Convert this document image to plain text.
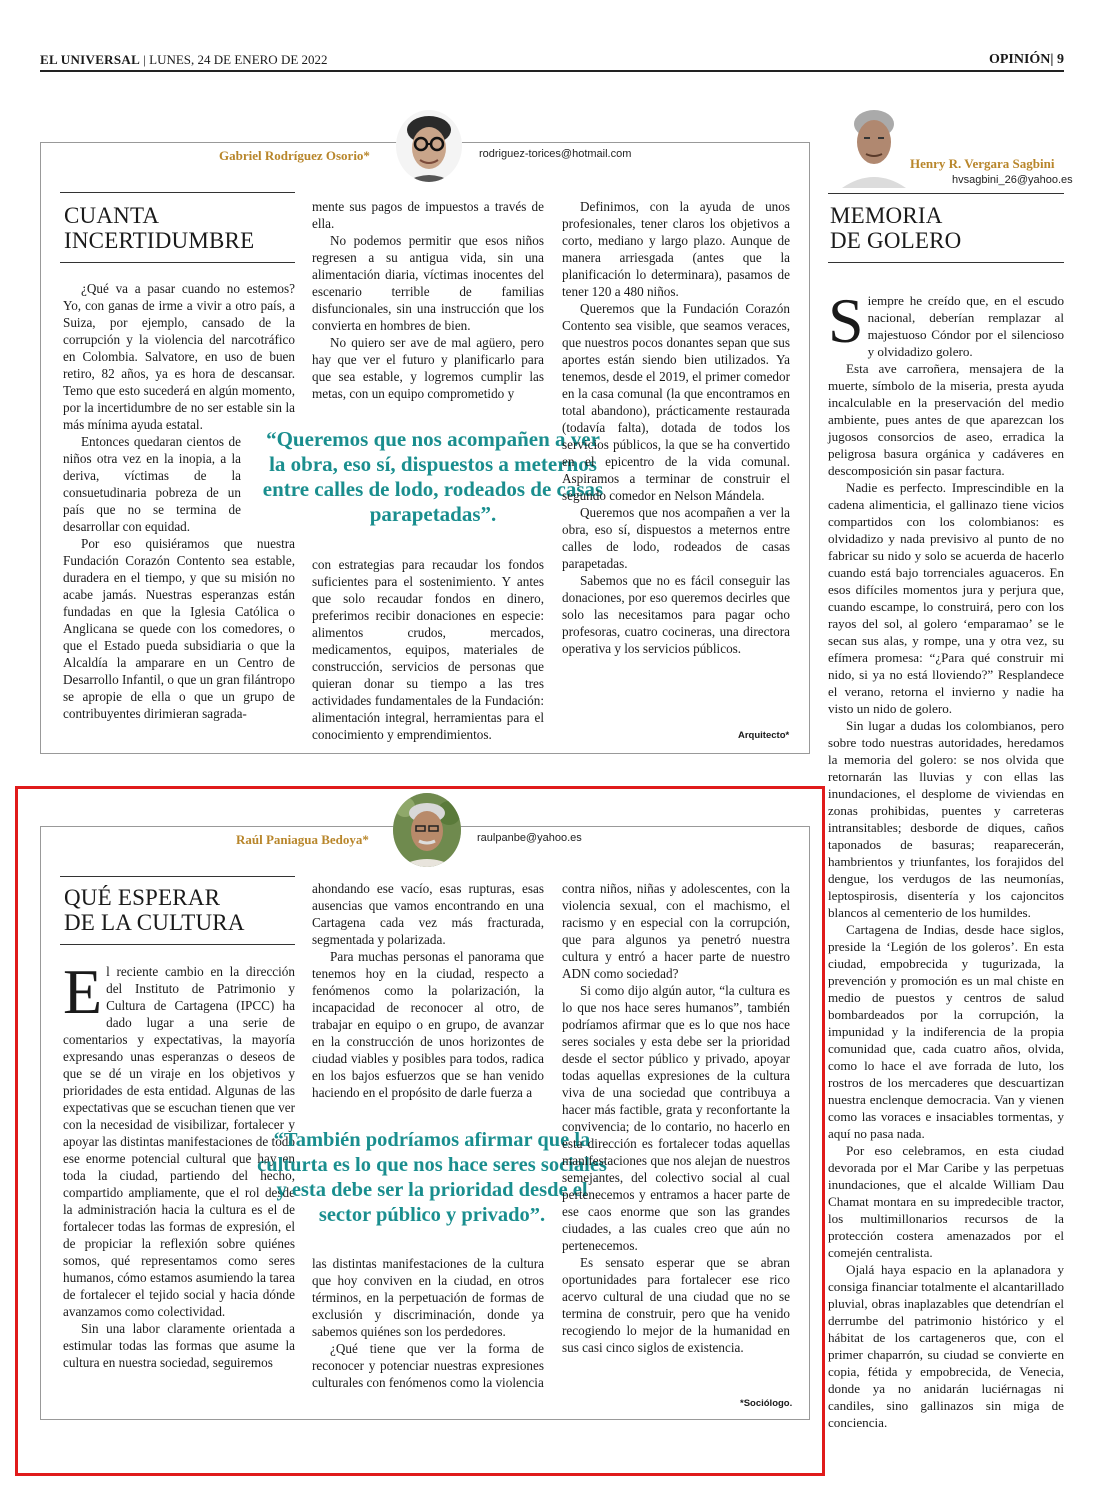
EL UNIVERSAL | LUNES, 24 DE ENERO DE 2022	OPINIÓN| 9
Gabriel Rodríguez Osorio*	rodriguez-torices@hotmail.com
CUANTA
INCERTIDUMBRE

¿Qué va a pasar cuando no estemos? Yo, con ganas de irme a vivir a otro país, a Suiza, por ejemplo, cansado de la corrupción y la violencia del narcotráfico en Colombia. Salvatore, en uso de buen retiro, 82 años, ya es hora de descansar. Temo que esto sucederá en algún momento, por la incertidumbre de no ser estable sin la más mínima ayuda estatal.

Entonces quedaran cientos de niños otra vez en la inopia, a la deriva, víctimas de la consuetudinaria pobreza de un país que no se termina de desarrollar con equidad.

Por eso quisiéramos que nuestra Fundación Corazón Contento sea estable, duradera en el tiempo, y que su misión no acabe jamás. Nuestras esperanzas están fundadas en que la Iglesia Católica o Anglicana se quede con los comedores, o que el Estado pueda subsidiaria o que la Alcaldía la amparare en un Centro de Desarrollo Infantil, o que un gran filántropo se apropie de ella o que un grupo de contribuyentes dirimieran sagrada-

mente sus pagos de impuestos a través de ella.

No podemos permitir que esos niños regresen a su antigua vida, sin una alimentación diaria, víctimas inocentes del escenario terrible de familias disfuncionales, sin una instrucción que los convierta en hombres de bien.

No quiero ser ave de mal agüero, pero hay que ver el futuro y planificarlo para que sea estable, y logremos cumplir las metas, con un equipo comprometido y

“Queremos que nos acompañen a ver la obra, eso sí, dispuestos a meternos entre calles de lodo, rodeados de casas parapetadas”.

con estrategias para recaudar los fondos suficientes para el sostenimiento. Y antes que solo recaudar fondos en dinero, preferimos recibir donaciones en especie: alimentos crudos, mercados, medicamentos, equipos, materiales de construcción, servicios de personas que quieran donar su tiempo a las tres actividades fundamentales de la Fundación: alimentación integral, herramientas para el conocimiento y emprendimientos.

Definimos, con la ayuda de unos profesionales, tener claros los objetivos a corto, mediano y largo plazo. Aunque de manera arriesgada (antes que la planificación lo determinara), pasamos de tener 120 a 480 niños.

Queremos que la Fundación Corazón Contento sea visible, que seamos veraces, que nuestros pocos donantes sepan que sus aportes están siendo bien utilizados. Ya tenemos, desde el 2019, el primer comedor en la casa comunal (la que encontramos en total abandono), prácticamente restaurada (todavía falta), dotada de todos los servicios públicos, la que se ha convertido en el epicentro de la vida comunal. Aspiramos a terminar de construir el segundo comedor en Nelson Mándela.

Queremos que nos acompañen a ver la obra, eso sí, dispuestos a meternos entre calles de lodo, rodeados de casas parapetadas.

Sabemos que no es fácil conseguir las donaciones, por eso queremos decirles que solo las necesitamos para pagar ocho profesoras, cuatro cocineras, una directora operativa y los servicios públicos.

Arquitecto*
Raúl Paniagua Bedoya*	raulpanbe@yahoo.es
QUÉ ESPERAR
DE LA CULTURA

El reciente cambio en la dirección del Instituto de Patrimonio y Cultura de Cartagena (IPCC) ha dado lugar a una serie de comentarios y expectativas, la mayoría expresando unas esperanzas o deseos de que se dé un viraje en los objetivos y prioridades de esta entidad. Algunas de las expectativas que se escuchan tienen que ver con la necesidad de visibilizar, fortalecer y apoyar las distintas manifestaciones de todo ese enorme potencial cultural que hay en toda la ciudad, partiendo del hecho, compartido ampliamente, que el rol desde la administración hacia la cultura es el de fortalecer todas las formas de expresión, el de propiciar la reflexión sobre quiénes somos, qué representamos como seres humanos, cómo estamos asumiendo la tarea de fortalecer el tejido social y hacia dónde avanzamos como colectividad.

Sin una labor claramente orientada a estimular todas las formas que asume la cultura en nuestra sociedad, seguiremos

ahondando ese vacío, esas rupturas, esas ausencias que vamos encontrando en una Cartagena cada vez más fracturada, segmentada y polarizada.

Para muchas personas el panorama que tenemos hoy en la ciudad, respecto a fenómenos como la polarización, la incapacidad de reconocer al otro, de trabajar en equipo o en grupo, de avanzar en la construcción de unos horizontes de ciudad viables y posibles para todos, radica en los bajos esfuerzos que se han venido haciendo en el propósito de darle fuerza a

“También podríamos afirmar que la culturta es lo que nos hace seres sociales y esta debe ser la prioridad desde el sector público y privado”.

las distintas manifestaciones de la cultura que hoy conviven en la ciudad, en otros términos, en la perpetuación de formas de exclusión y discriminación, donde ya sabemos quiénes son los perdedores.

¿Qué tiene que ver la forma de reconocer y potenciar nuestras expresiones culturales con fenómenos como la violencia

contra niños, niñas y adolescentes, con la violencia sexual, con el machismo, el racismo y en especial con la corrupción, que para algunos ya penetró nuestra cultura y entró a hacer parte de nuestro ADN como sociedad?

Si como dijo algún autor, “la cultura es lo que nos hace seres humanos”, también podríamos afirmar que es lo que nos hace seres sociales y esta debe ser la prioridad desde el sector público y privado, apoyar todas aquellas expresiones de la cultura viva de una sociedad que contribuya a hacer más factible, grata y reconfortante la convivencia; de lo contario, no hacerlo en esta dirección es fortalecer todas aquellas manifestaciones que nos alejan de nuestros semejantes, del colectivo social al cual pertenecemos y entramos a hacer parte de ese caos enorme que son las grandes ciudades, a las cuales creo que aún no pertenecemos.

Es sensato esperar que se abran oportunidades para fortalecer ese rico acervo cultural de una ciudad que no se termina de construir, pero que ha venido recogiendo lo mejor de la humanidad en sus casi cinco siglos de existencia.

*Sociólogo.
Henry R. Vergara Sagbini
hvsagbini_26@yahoo.es
MEMORIA
DE GOLERO

Siempre he creído que, en el escudo nacional, deberían remplazar al majestuoso Cóndor por el silencioso y olvidadizo golero.

Esta ave carroñera, mensajera de la muerte, símbolo de la miseria, presta ayuda incalculable en la preservación del medio ambiente, pues antes de que aparezcan los jugosos consorcios de aseo, erradica la peligrosa basura orgánica y cadáveres en descomposición sin pasar factura.

Nadie es perfecto. Imprescindible en la cadena alimenticia, el gallinazo tiene vicios compartidos con los colombianos: es olvidadizo y nada previsivo al punto de no fabricar su nido y solo se acuerda de hacerlo cuando está bajo torrenciales aguaceros. En esos difíciles momentos jura y perjura que, cuando escampe, lo construirá, pero con los rayos del sol, al golero ‘emparamao’ se le secan sus alas, y rompe, una y otra vez, su efímera promesa: “¿Para qué construir mi nido, si ya no está lloviendo?” Resplandece el verano, retorna el invierno y nadie ha visto un nido de golero.

Sin lugar a dudas los colombianos, pero sobre todo nuestras autoridades, heredamos la memoria del golero: se nos olvida que retornarán las lluvias y con ellas las inundaciones, el desplome de viviendas en zonas prohibidas, puentes y carreteras intransitables; desborde de diques, caños taponados de basuras; reaparecerán, hambrientos y triunfantes, los forajidos del dengue, los verdugos de las neumonías, leptospirosis, disentería y los cajoncitos blancos al cementerio de los humildes.

Cartagena de Indias, desde hace siglos, preside la ‘Legión de los goleros’. En esta ciudad, empobrecida y tugurizada, la prevención y promoción es un mal chiste en medio de puestos y centros de salud bombardeados por la corrupción, la impunidad y la indiferencia de la propia comunidad que, cada cuatro años, olvida, como lo hace el ave forrada de luto, los rostros de los mercaderes que descuartizan nuestra enclenque democracia. Van y vienen como las voraces e insaciables tormentas, y aquí no pasa nada.

Por eso celebramos, en esta ciudad devorada por el Mar Caribe y las perpetuas inundaciones, que el alcalde William Dau Chamat montara en su impredecible tractor, los multimillonarios recursos de la protección costera amenazados por el comején centralista.

Ojalá haya espacio en la aplanadora y consiga financiar totalmente el alcantarillado pluvial, obras inaplazables que detendrían el derrumbe del patrimonio histórico y el hábitat de los cartageneros que, con el primer chaparrón, su ciudad se convierte en copia, fétida y empobrecida, de Venecia, donde ya no anidarán luciérnagas ni candiles, sino gallinazos sin miga de conciencia.
